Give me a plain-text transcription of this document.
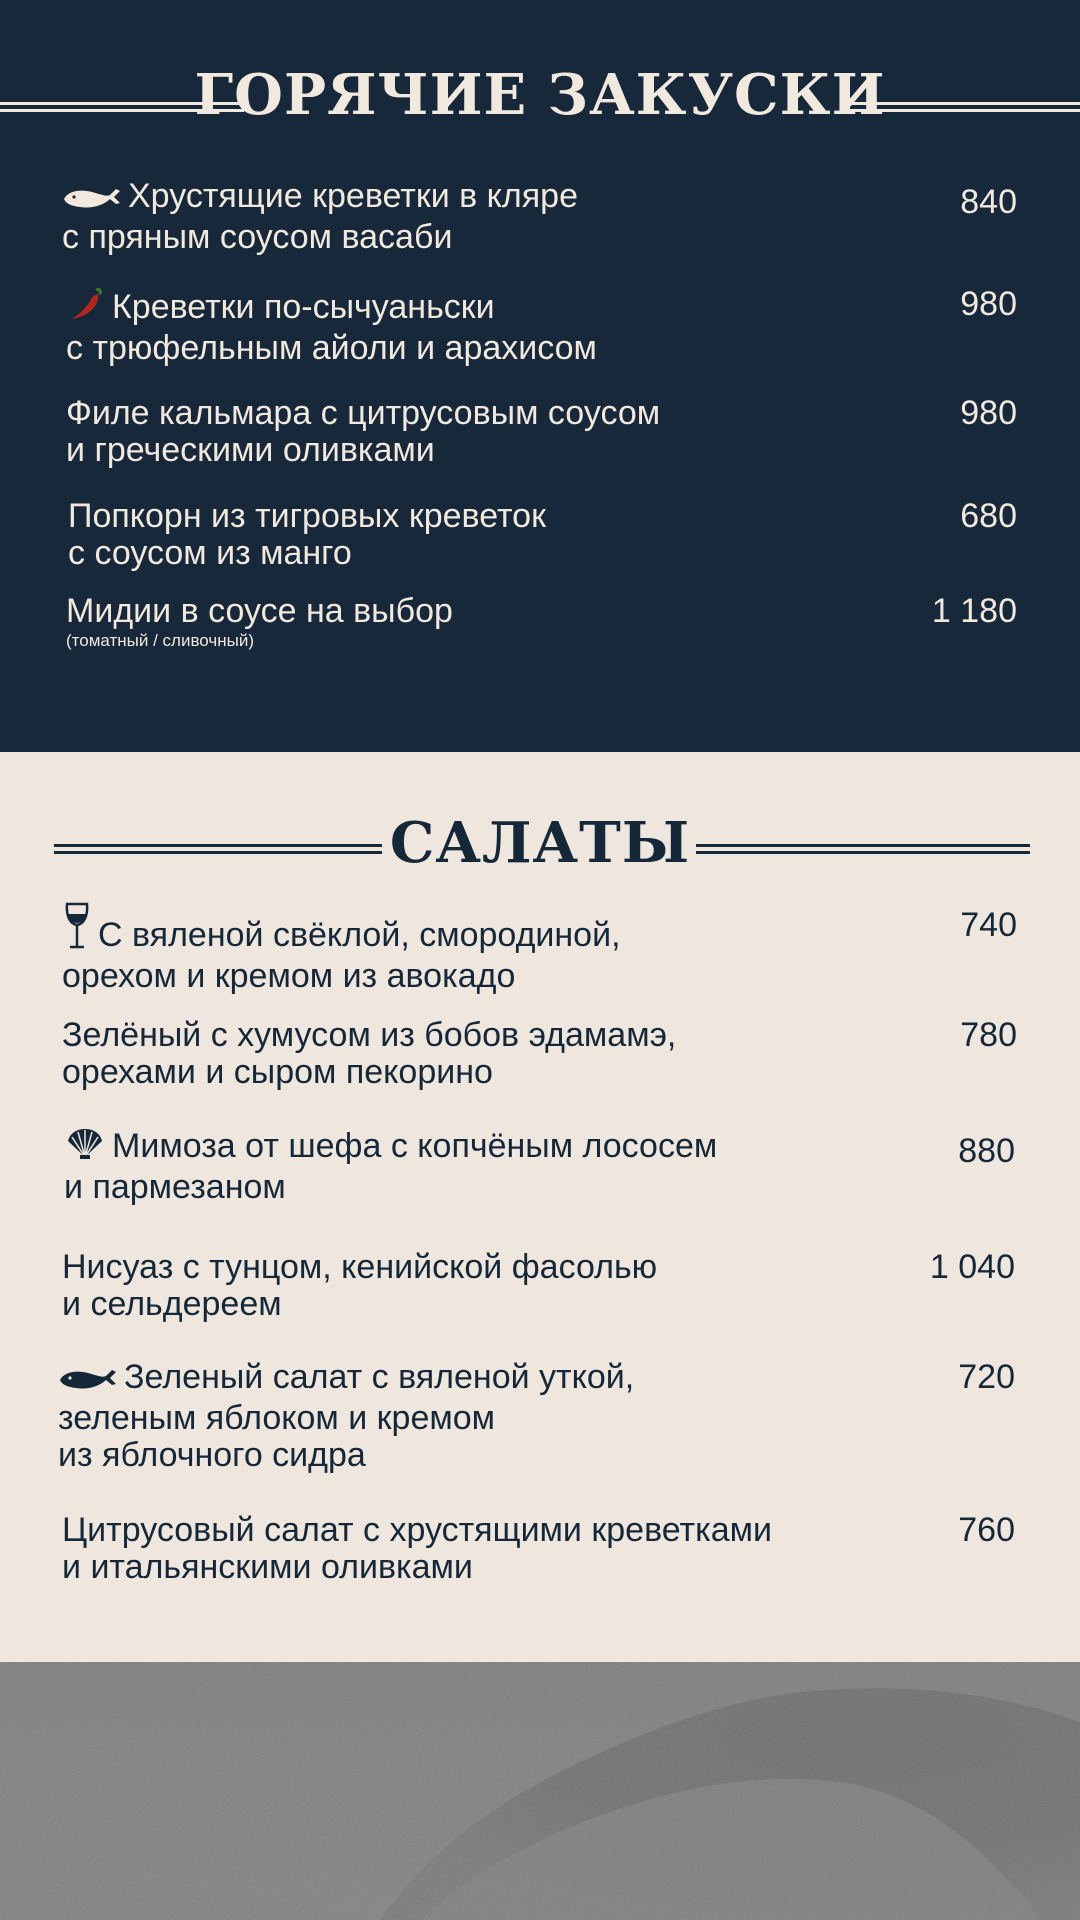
ГОРЯЧИЕ ЗАКУСКИ
Хрустящие креветки в кляре
с пряным соусом васаби
840
Креветки по-сычуаньски
с трюфельным айоли и арахисом
980
Филе кальмара с цитрусовым соусом
и греческими оливками
980
Попкорн из тигровых креветок
с соусом из манго
680
Мидии в соусе на выбор
(томатный / сливочный)
1 180
САЛАТЫ
С вяленой свёклой, смородиной,
орехом и кремом из авокадо
740
Зелёный с хумусом из бобов эдамамэ,
орехами и сыром пекорино
780
Мимоза от шефа с копчёным лососем
и пармезаном
880
Нисуаз с тунцом, кенийской фасолью
и сельдереем
1 040
Зеленый салат с вяленой уткой,
зеленым яблоком и кремом
из яблочного сидра
720
Цитрусовый салат с хрустящими креветками
и итальянскими оливками
760
